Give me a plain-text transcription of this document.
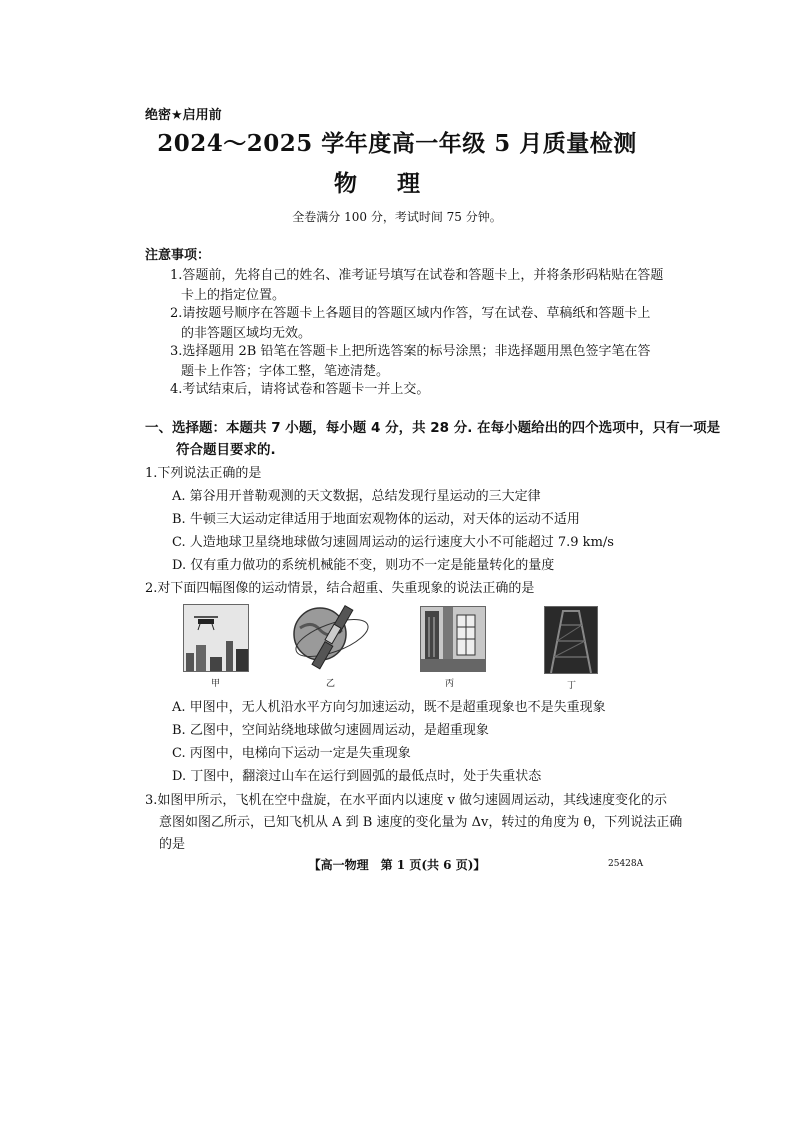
绝密★启用前
2024～2025 学年度高一年级 5 月质量检测
物理
全卷满分 100 分，考试时间 75 分钟。
注意事项：
1.答题前，先将自己的姓名、准考证号填写在试卷和答题卡上，并将条形码粘贴在答题
卡上的指定位置。
2.请按题号顺序在答题卡上各题目的答题区域内作答，写在试卷、草稿纸和答题卡上
的非答题区域均无效。
3.选择题用 2B 铅笔在答题卡上把所选答案的标号涂黑；非选择题用黑色签字笔在答
题卡上作答；字体工整，笔迹清楚。
4.考试结束后，请将试卷和答题卡一并上交。
一、选择题：本题共 7 小题，每小题 4 分，共 28 分. 在每小题给出的四个选项中，只有一项是
符合题目要求的.
1.下列说法正确的是
A. 第谷用开普勒观测的天文数据，总结发现行星运动的三大定律
B. 牛顿三大运动定律适用于地面宏观物体的运动，对天体的运动不适用
C. 人造地球卫星绕地球做匀速圆周运动的运行速度大小不可能超过 7.9 km/s
D. 仅有重力做功的系统机械能不变，则功不一定是能量转化的量度
2.对下面四幅图像的运动情景，结合超重、失重现象的说法正确的是
甲	乙	丙	丁
A. 甲图中，无人机沿水平方向匀加速运动，既不是超重现象也不是失重现象
B. 乙图中，空间站绕地球做匀速圆周运动，是超重现象
C. 丙图中，电梯向下运动一定是失重现象
D. 丁图中，翻滚过山车在运行到圆弧的最低点时，处于失重状态
3.如图甲所示，飞机在空中盘旋，在水平面内以速度 v 做匀速圆周运动，其线速度变化的示
意图如图乙所示，已知飞机从 A 到 B 速度的变化量为 Δv，转过的角度为 θ，下列说法正确
的是
【高一物理　第 1 页(共 6 页)】	25428A
